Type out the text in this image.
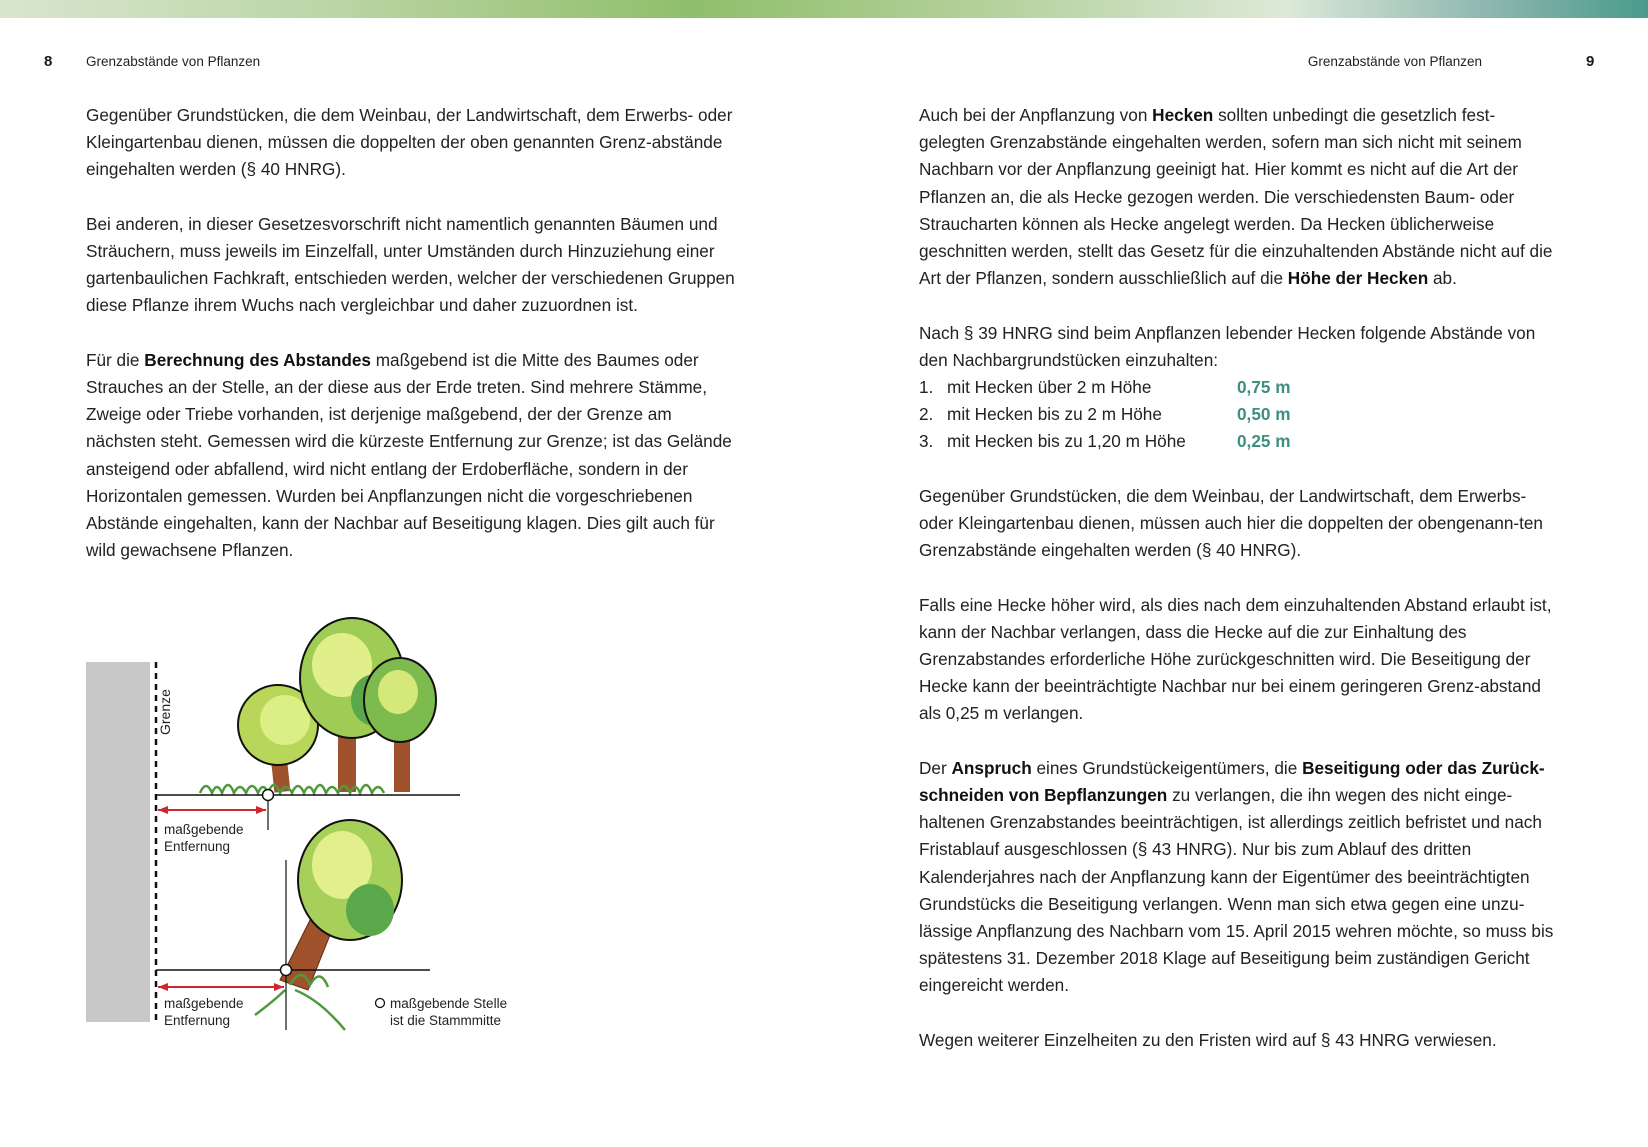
8 Grenzabstände von Pflanzen	Grenzabstände von Pflanzen	9

Gegenüber Grundstücken, die dem Weinbau, der Landwirtschaft, dem Erwerbs- oder Kleingartenbau dienen, müssen die doppelten der oben genannten Grenz-abstände eingehalten werden (§ 40 HNRG).

Bei anderen, in dieser Gesetzesvorschrift nicht namentlich genannten Bäumen und Sträuchern, muss jeweils im Einzelfall, unter Umständen durch Hinzuziehung einer gartenbaulichen Fachkraft, entschieden werden, welcher der verschiedenen Gruppen diese Pflanze ihrem Wuchs nach vergleichbar und daher zuzuordnen ist.

Für die Berechnung des Abstandes maßgebend ist die Mitte des Baumes oder Strauches an der Stelle, an der diese aus der Erde treten. Sind mehrere Stämme, Zweige oder Triebe vorhanden, ist derjenige maßgebend, der der Grenze am nächsten steht. Gemessen wird die kürzeste Entfernung zur Grenze; ist das Gelände ansteigend oder abfallend, wird nicht entlang der Erdoberfläche, sondern in der Horizontalen gemessen. Wurden bei Anpflanzungen nicht die vorgeschriebenen Abstände eingehalten, kann der Nachbar auf Beseitigung klagen. Dies gilt auch für wild gewachsene Pflanzen.

Grenze
maßgebende
Entfernung
maßgebende
Entfernung
maßgebende Stelle
ist die Stammmitte

Auch bei der Anpflanzung von Hecken sollten unbedingt die gesetzlich fest-gelegten Grenzabstände eingehalten werden, sofern man sich nicht mit seinem Nachbarn vor der Anpflanzung geeinigt hat. Hier kommt es nicht auf die Art der Pflanzen an, die als Hecke gezogen werden. Die verschiedensten Baum- oder Straucharten können als Hecke angelegt werden. Da Hecken üblicherweise geschnitten werden, stellt das Gesetz für die einzuhaltenden Abstände nicht auf die Art der Pflanzen, sondern ausschließlich auf die Höhe der Hecken ab.

Nach § 39 HNRG sind beim Anpflanzen lebender Hecken folgende Abstände von den Nachbargrundstücken einzuhalten:
1. mit Hecken über 2 m Höhe	0,75 m
2. mit Hecken bis zu 2 m Höhe	0,50 m
3. mit Hecken bis zu 1,20 m Höhe	0,25 m

Gegenüber Grundstücken, die dem Weinbau, der Landwirtschaft, dem Erwerbs- oder Kleingartenbau dienen, müssen auch hier die doppelten der obengenann-ten Grenzabstände eingehalten werden (§ 40 HNRG).

Falls eine Hecke höher wird, als dies nach dem einzuhaltenden Abstand erlaubt ist, kann der Nachbar verlangen, dass die Hecke auf die zur Einhaltung des Grenzabstandes erforderliche Höhe zurückgeschnitten wird. Die Beseitigung der Hecke kann der beeinträchtigte Nachbar nur bei einem geringeren Grenz-abstand als 0,25 m verlangen.

Der Anspruch eines Grundstückeigentümers, die Beseitigung oder das Zurück-schneiden von Bepflanzungen zu verlangen, die ihn wegen des nicht einge-haltenen Grenzabstandes beeinträchtigen, ist allerdings zeitlich befristet und nach Fristablauf ausgeschlossen (§ 43 HNRG). Nur bis zum Ablauf des dritten Kalenderjahres nach der Anpflanzung kann der Eigentümer des beeinträchtigten Grundstücks die Beseitigung verlangen. Wenn man sich etwa gegen eine unzu-lässige Anpflanzung des Nachbarn vom 15. April 2015 wehren möchte, so muss bis spätestens 31. Dezember 2018 Klage auf Beseitigung beim zuständigen Gericht eingereicht werden.

Wegen weiterer Einzelheiten zu den Fristen wird auf § 43 HNRG verwiesen.
